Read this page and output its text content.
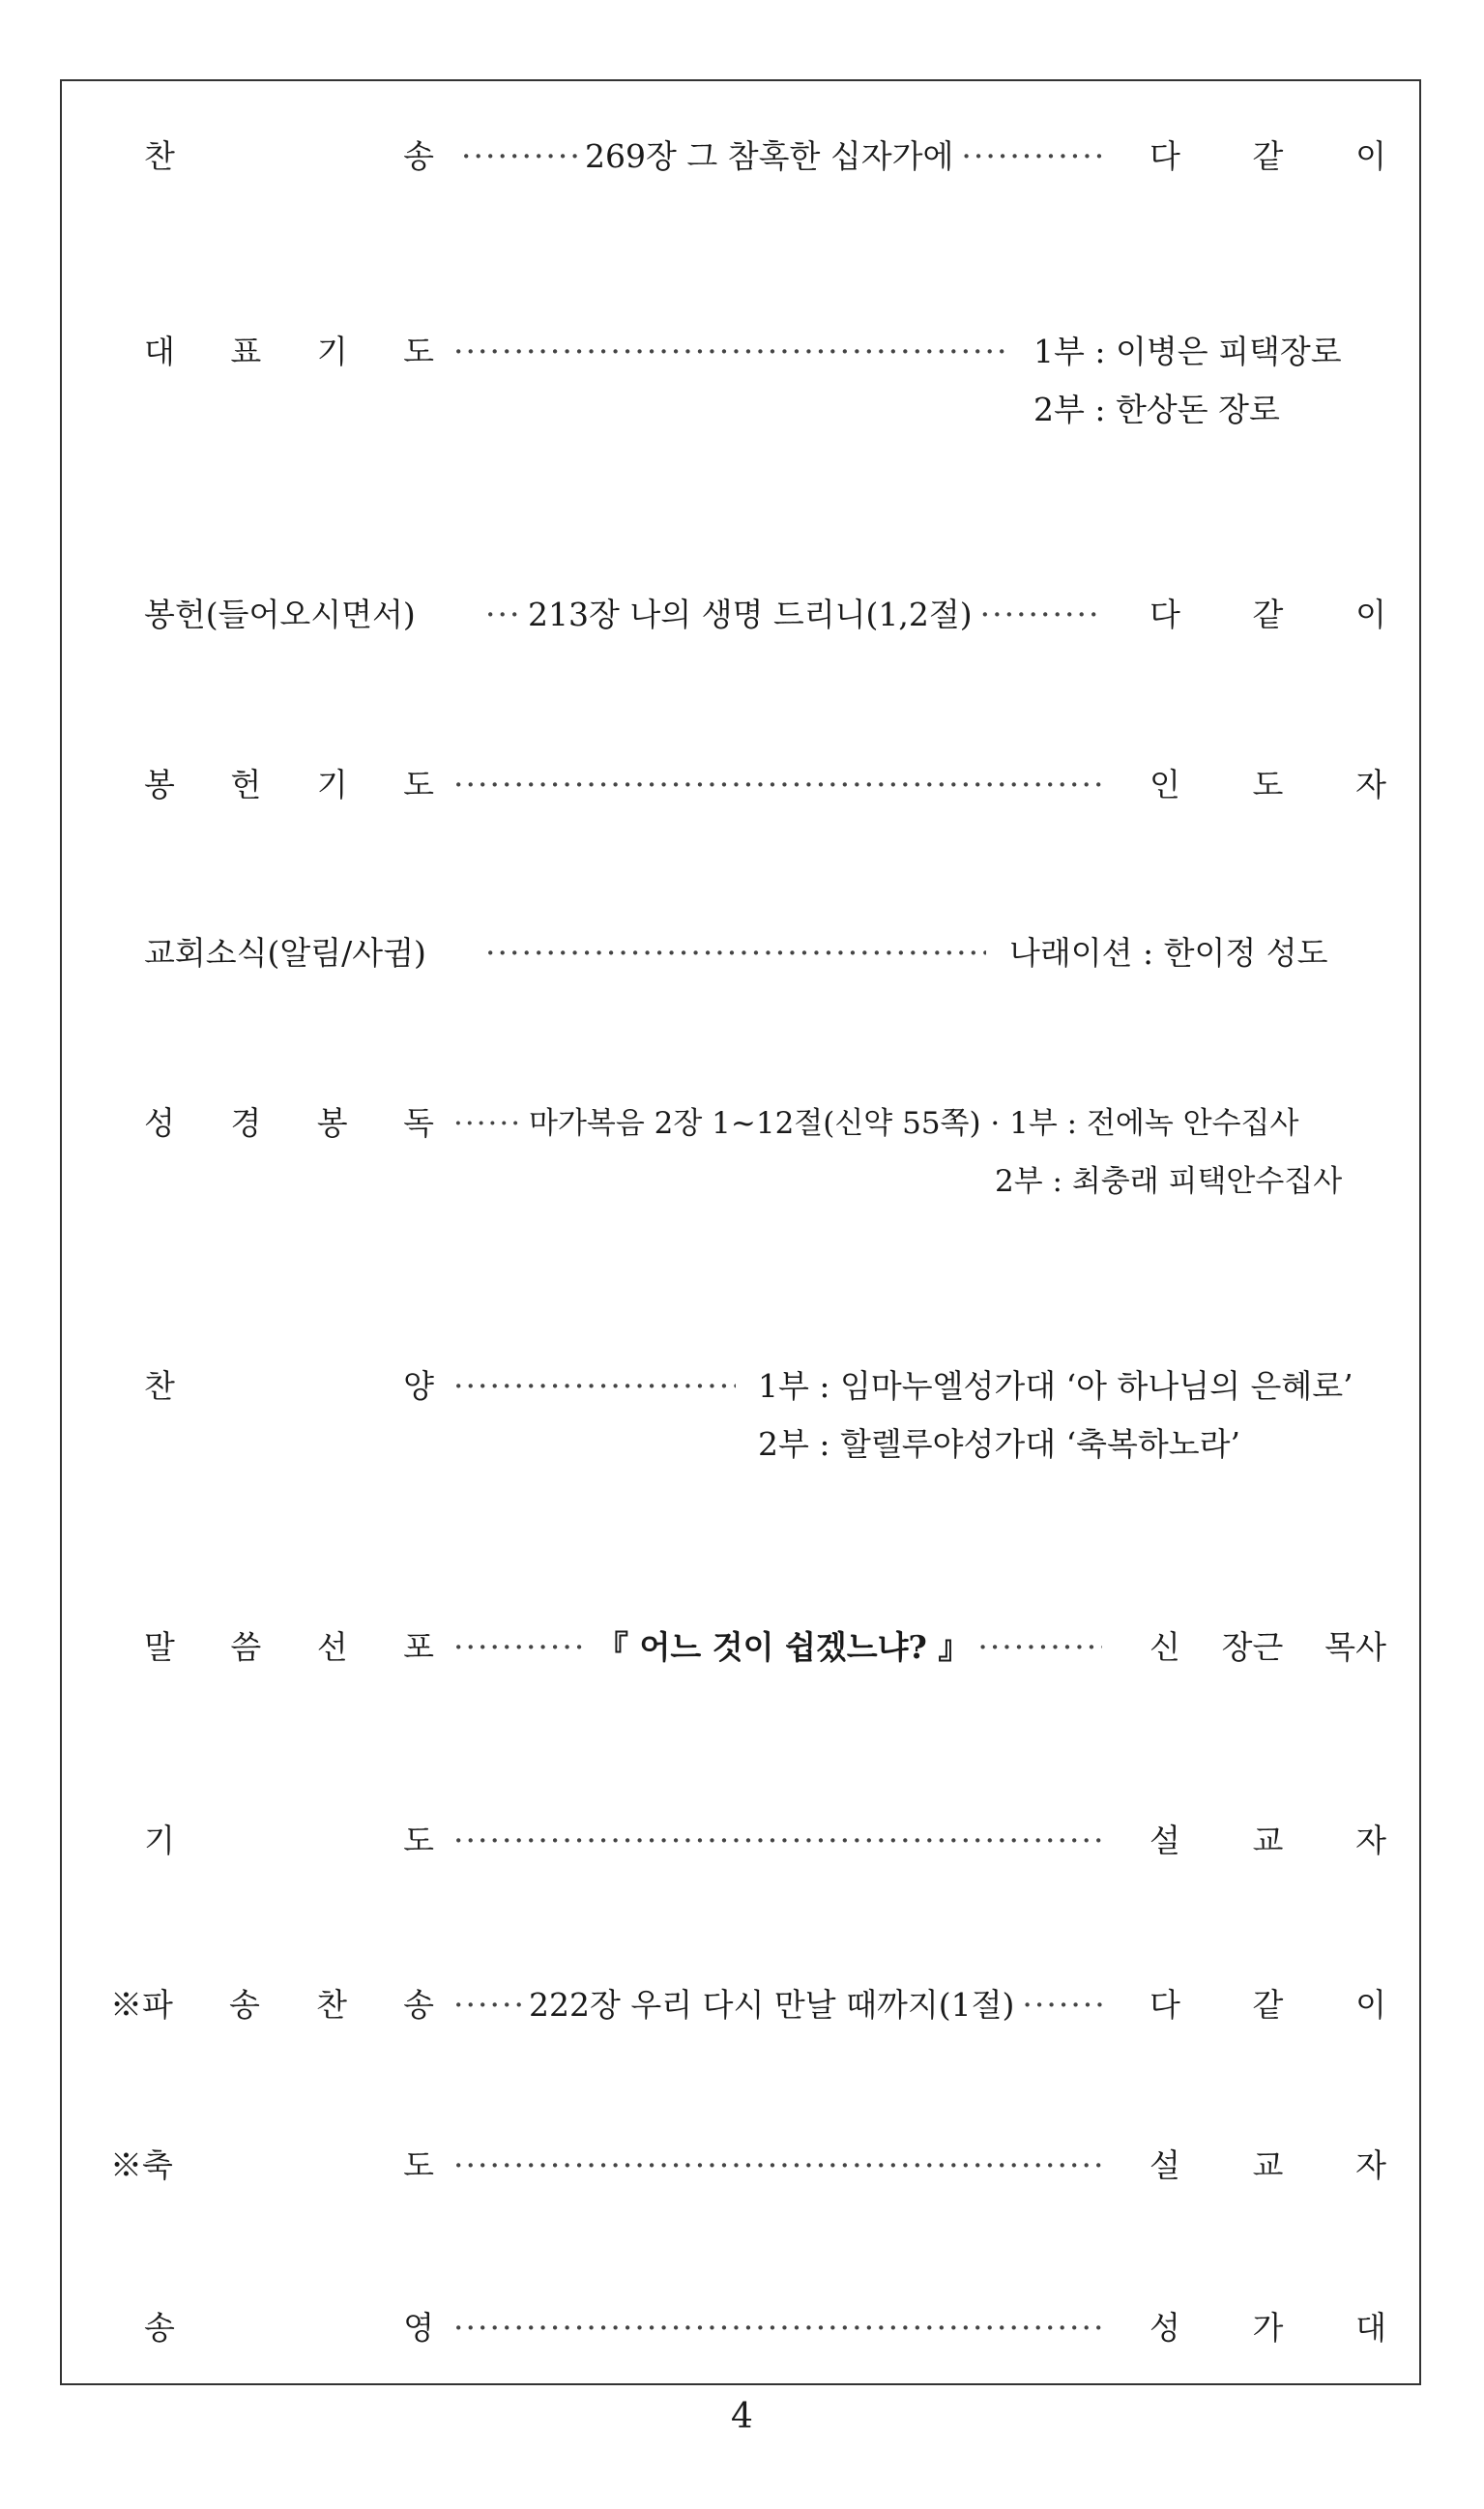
찬	송 ·····	269장 그 참혹한 십자가에 ·····	다 같 이
대 표 기 도 ·····	1부 : 이병은 피택장로
2부 : 한상돈 장로
봉헌(들어오시면서) ·····	213장 나의 생명 드리니(1,2절) ·····	다 같 이
봉 헌 기 도 ·····	인 도 자
교회소식(알림/사귐) ·····	나래이션 : 한이정 성도
성 경 봉 독 ·····	마가복음 2장 1~12절(신약 55쪽) · 1부 : 전에녹 안수집사
2부 : 최충래 피택안수집사
찬	양 ·····	1부 : 임마누엘성가대 ‘아 하나님의 은혜로’
2부 : 할렐루야성가대 ‘축복하노라’
말 씀 선 포 ·····	『 어느 것이 쉽겠느냐? 』 ·····	신 장근 목사
기	도 ·····	설 교 자
※파 송 찬 송 ·····	222장 우리 다시 만날 때까지(1절) ·····	다 같 이
※축	도 ·····	설 교 자
송	영 ·····	성 가 대
4
